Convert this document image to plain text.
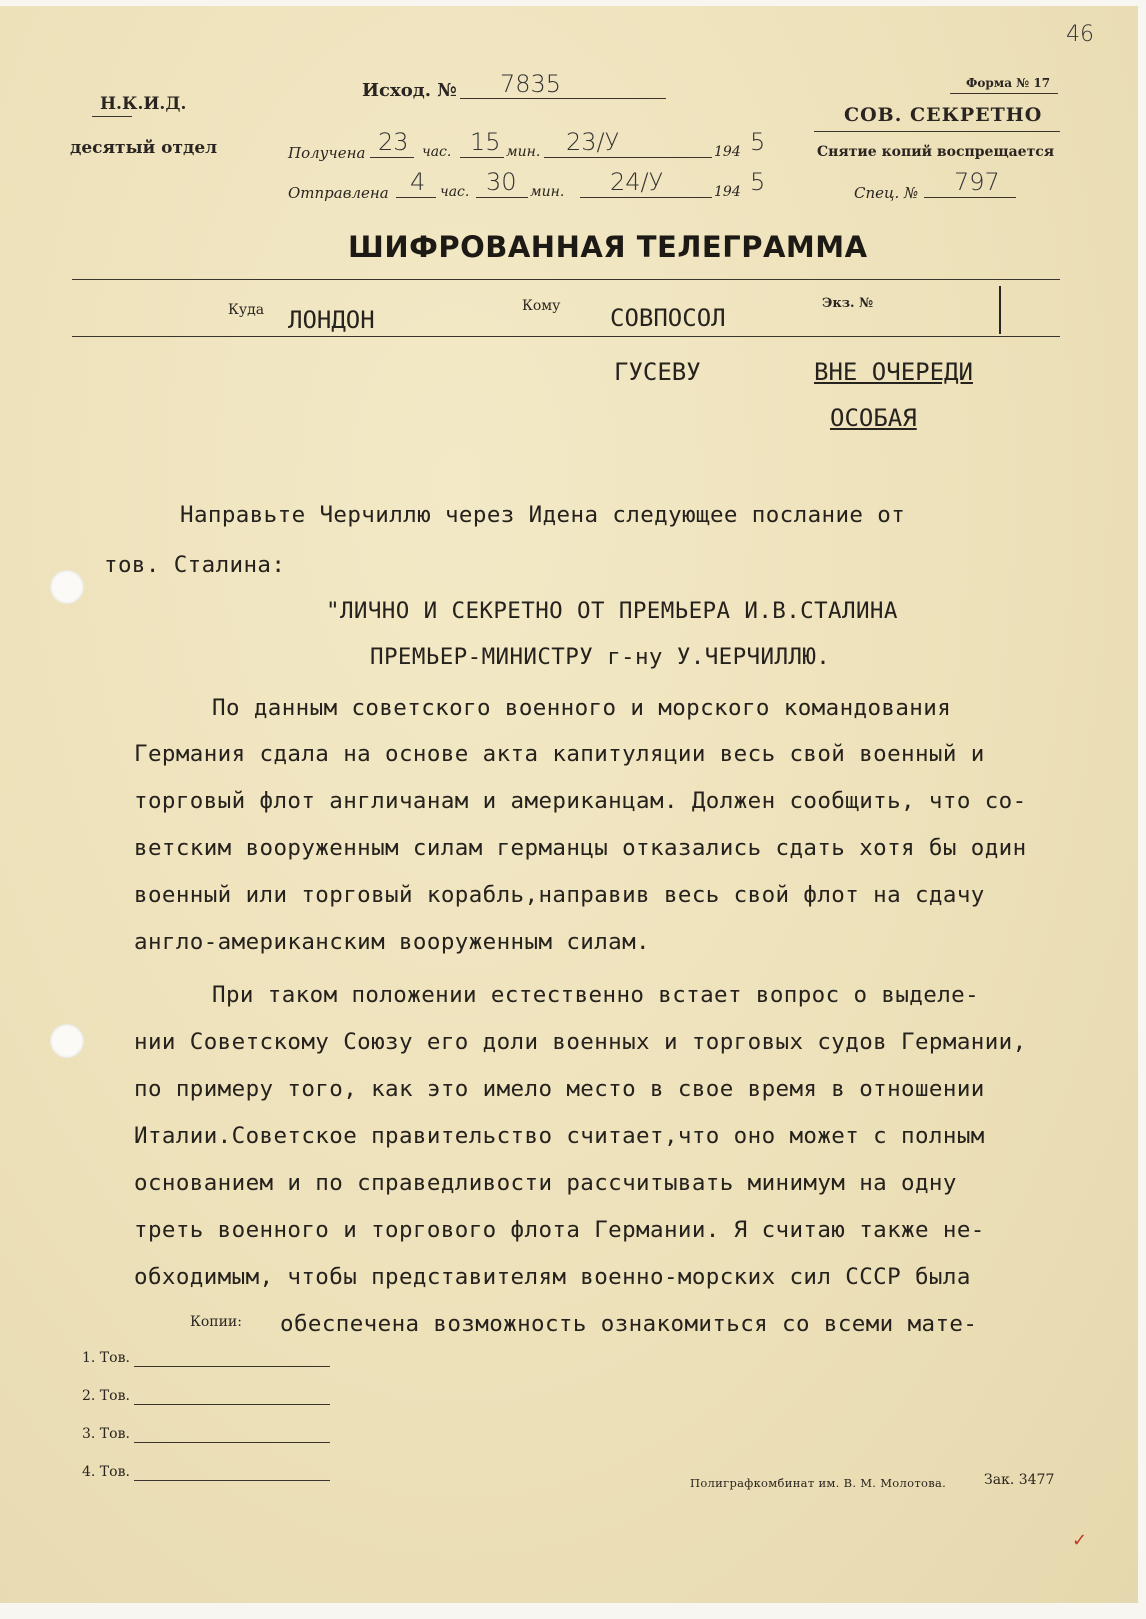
46
Н.К.И.Д.
десятый отдел
Исход. № 7835
Получена 23 час. 15 мин. 23/У	194 5
Отправлена 4 час. 30 мин. 24/У	194 5
Форма № 17
СОВ. СЕКРЕТНО
Снятие копий воспрещается
Спец. № 797
ШИФРОВАННАЯ ТЕЛЕГРАММА
Куда ЛОНДОН	Кому СОВПОСОЛ
Экз. №
ГУСЕВУ	ВНЕ ОЧЕРЕДИ
ОСОБАЯ
Направьте Черчиллю через Идена следующее послание от
тов. Сталина:
"ЛИЧНО И СЕКРЕТНО ОТ ПРЕМЬЕРА И.В.СТАЛИНА
ПРЕМЬЕР-МИНИСТРУ г-ну У.ЧЕРЧИЛЛЮ.
По данным советского военного и морского командования
Германия сдала на основе акта капитуляции весь свой военный и
торговый флот англичанам и американцам. Должен сообщить, что со-
ветским вооруженным силам германцы отказались сдать хотя бы один
военный или торговый корабль,направив весь свой флот на сдачу
англо-американским вооруженным силам.
При таком положении естественно встает вопрос о выделе-
нии Советскому Союзу его доли военных и торговых судов Германии,
по примеру того, как это имело место в свое время в отношении
Италии.Советское правительство считает,что оно может с полным
основанием и по справедливости рассчитывать минимум на одну
треть военного и торгового флота Германии. Я считаю также не-
обходимым, чтобы представителям военно-морских сил СССР была
обеспечена возможность ознакомиться со всеми мате-
Копии:
1. Тов.
2. Тов.
3. Тов.
4. Тов.
Полиграфкомбинат им. В. М. Молотова.	Зак. 3477
✓
